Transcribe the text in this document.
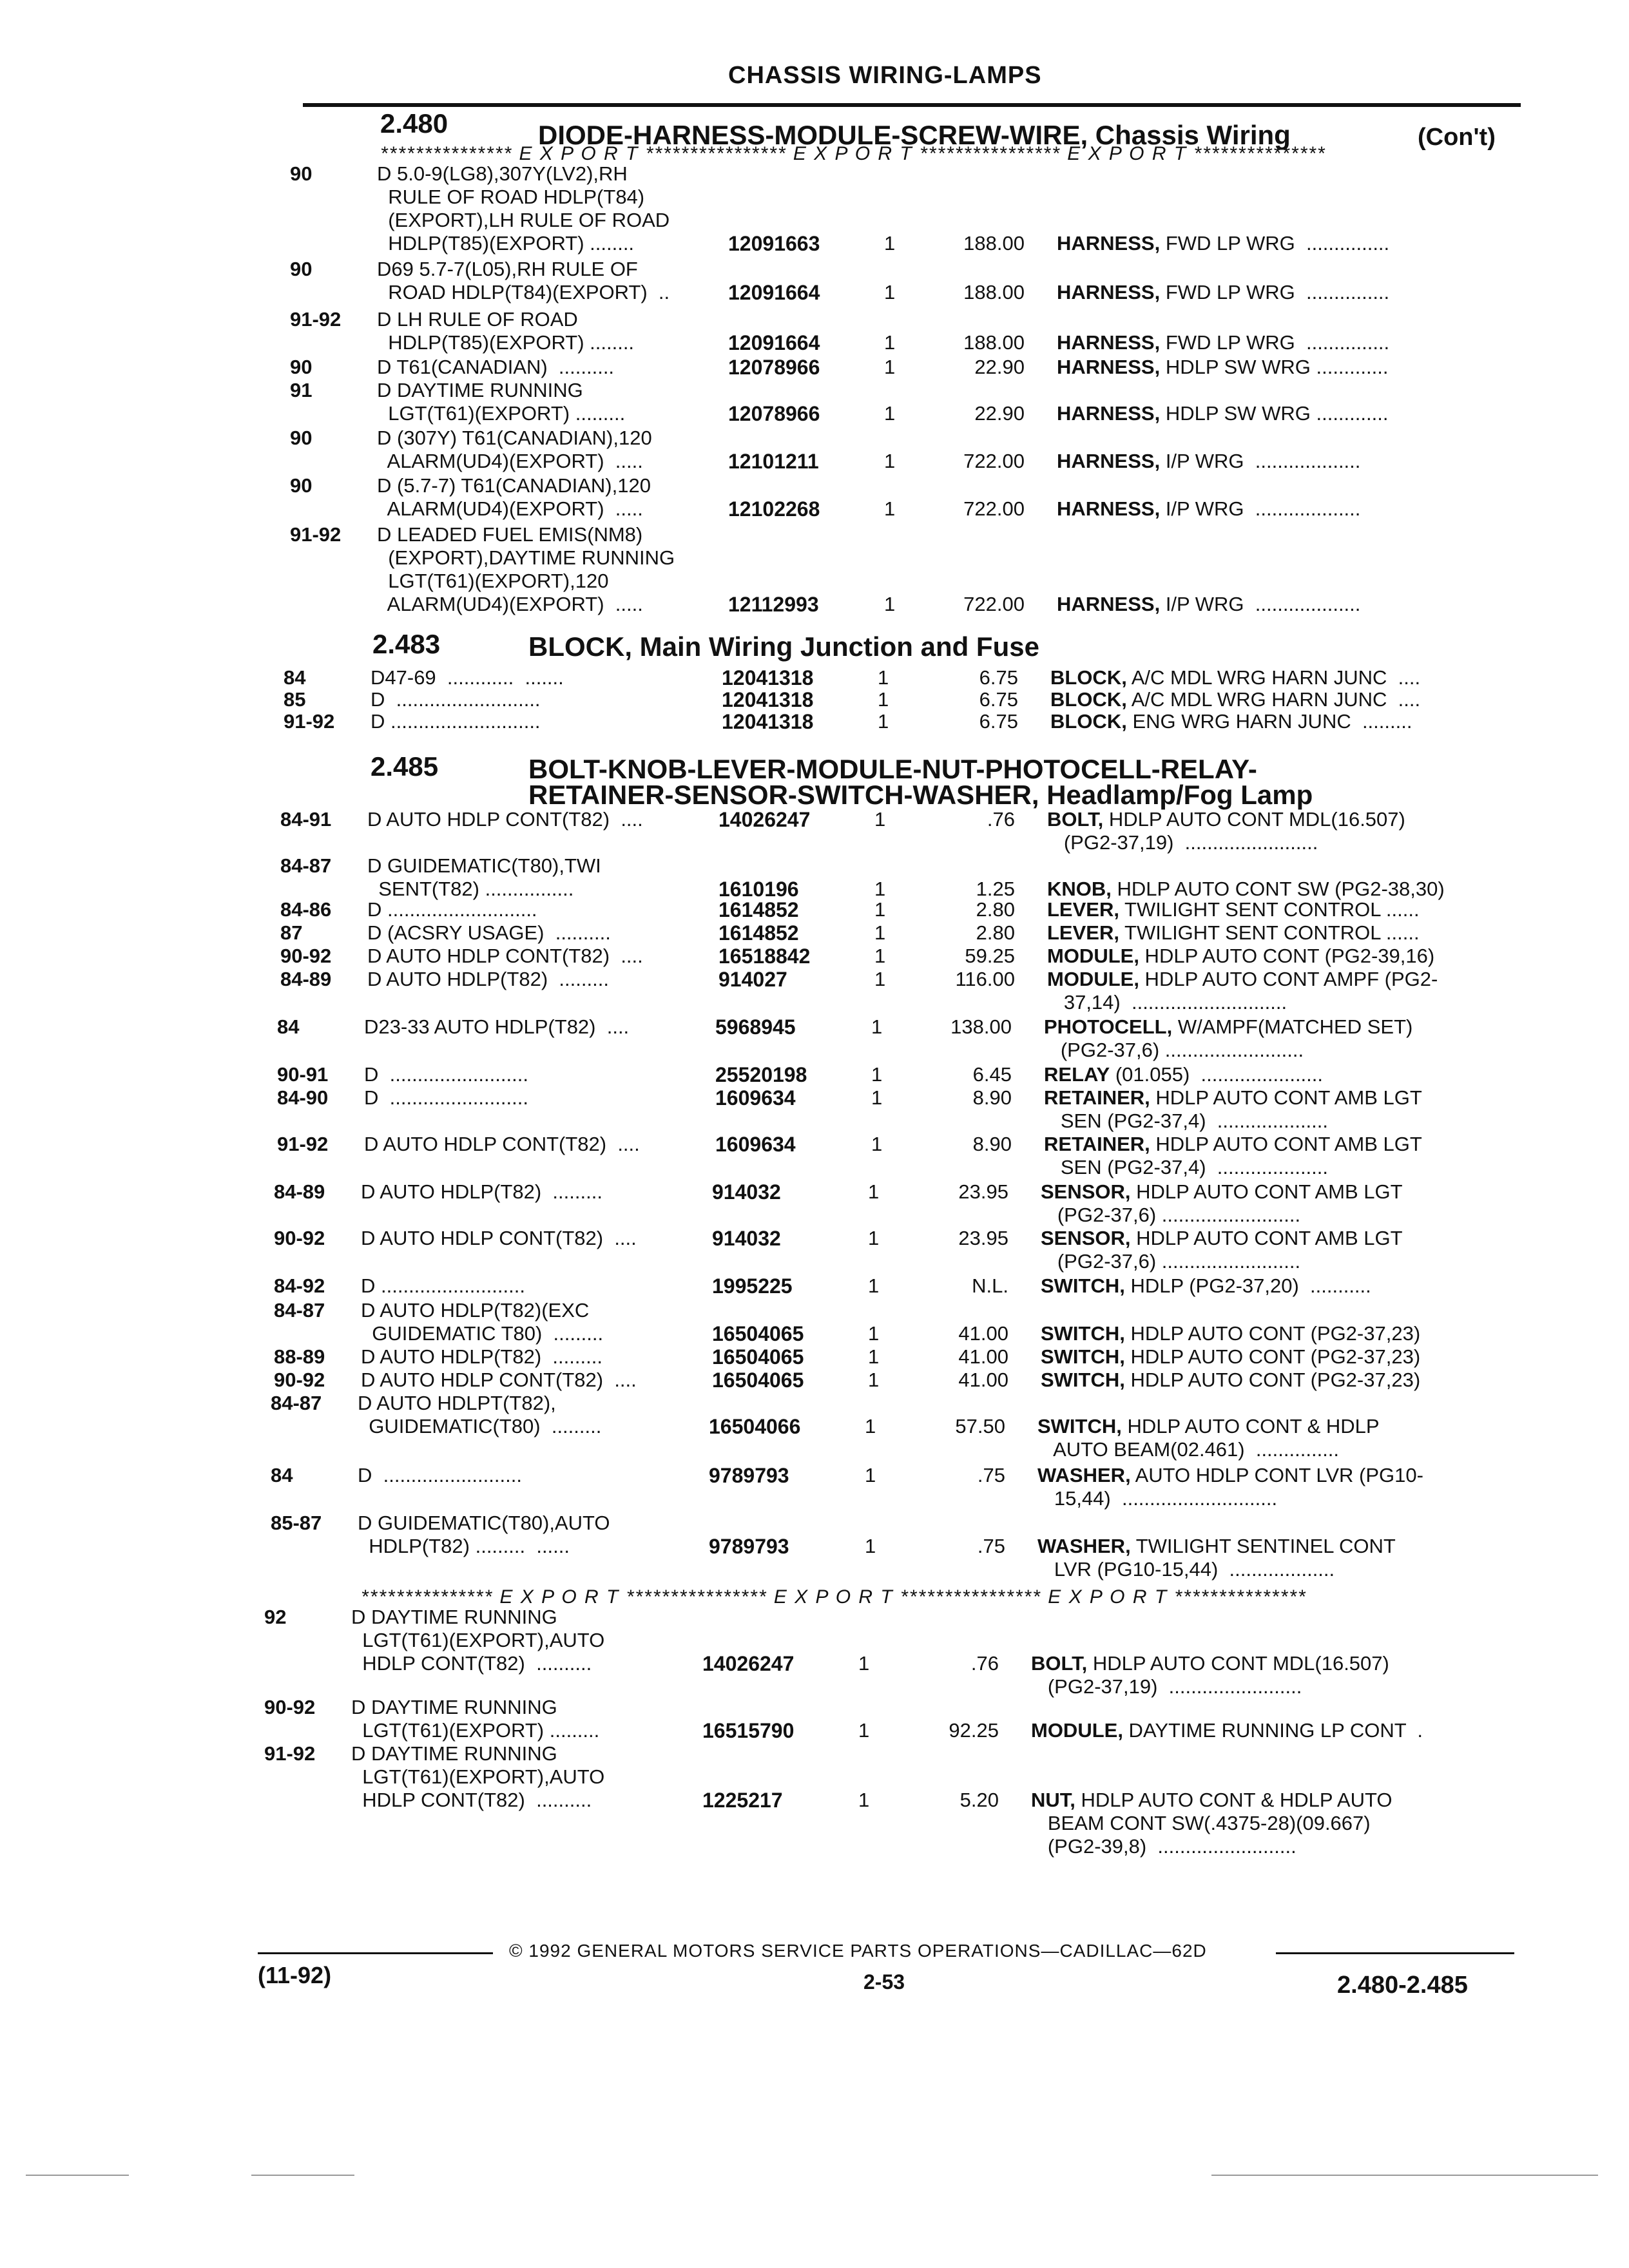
CHASSIS WIRING-LAMPS
2.480	DIODE-HARNESS-MODULE-SCREW-WIRE, Chassis Wiring	(Con't)
*************** E X P O R T **************** E X P O R T **************** E X P O R T ***************
2.483	BLOCK, Main Wiring Junction and Fuse
2.485	BOLT-KNOB-LEVER-MODULE-NUT-PHOTOCELL-RELAY-
RETAINER-SENSOR-SWITCH-WASHER, Headlamp/Fog Lamp
*************** E X P O R T **************** E X P O R T **************** E X P O R T ***************
90	D 5.0-9(LG8),307Y(LV2),RH
RULE OF ROAD HDLP(T84)
(EXPORT),LH RULE OF ROAD
HDLP(T85)(EXPORT) ........	12091663	1	188.00 HARNESS, FWD LP WRG  ...............
90	D69 5.7-7(L05),RH RULE OF
ROAD HDLP(T84)(EXPORT)  ..	12091664	1	188.00 HARNESS, FWD LP WRG  ...............
91-92 D LH RULE OF ROAD
HDLP(T85)(EXPORT) ........	12091664	1	188.00 HARNESS, FWD LP WRG  ...............
90	D T61(CANADIAN)  ..........	12078966	1	22.90 HARNESS, HDLP SW WRG .............
91	D DAYTIME RUNNING
LGT(T61)(EXPORT) .........	12078966	1	22.90 HARNESS, HDLP SW WRG .............
90	D (307Y) T61(CANADIAN),120
ALARM(UD4)(EXPORT)  .....	12101211	1	722.00 HARNESS, I/P WRG  ...................
90	D (5.7-7) T61(CANADIAN),120
ALARM(UD4)(EXPORT)  .....	12102268	1	722.00 HARNESS, I/P WRG  ...................
91-92 D LEADED FUEL EMIS(NM8)
(EXPORT),DAYTIME RUNNING
LGT(T61)(EXPORT),120
ALARM(UD4)(EXPORT)  .....	12112993	1	722.00 HARNESS, I/P WRG  ...................
84	D47-69  ............  .......	12041318	1	6.75 BLOCK, A/C MDL WRG HARN JUNC  ....
85	D  ..........................	12041318	1	6.75 BLOCK, A/C MDL WRG HARN JUNC  ....
91-92 D ...........................	12041318	1	6.75 BLOCK, ENG WRG HARN JUNC  .........
84-91 D AUTO HDLP CONT(T82)  ....	14026247	1	.76 BOLT, HDLP AUTO CONT MDL(16.507)
(PG2-37,19)  ........................
84-87 D GUIDEMATIC(T80),TWI
SENT(T82) ................	1610196	1	1.25 KNOB, HDLP AUTO CONT SW (PG2-38,30)
84-86 D ...........................	1614852	1	2.80 LEVER, TWILIGHT SENT CONTROL ......
87	D (ACSRY USAGE)  ..........	1614852	1	2.80 LEVER, TWILIGHT SENT CONTROL ......
90-92 D AUTO HDLP CONT(T82)  ....	16518842	1	59.25 MODULE, HDLP AUTO CONT (PG2-39,16)
84-89 D AUTO HDLP(T82)  .........	914027	1	116.00 MODULE, HDLP AUTO CONT AMPF (PG2-
37,14)  ............................
84	D23-33 AUTO HDLP(T82)  ....	5968945	1	138.00 PHOTOCELL, W/AMPF(MATCHED SET)
(PG2-37,6) .........................
90-91 D  .........................	25520198	1	6.45 RELAY (01.055)  ......................
84-90 D  .........................	1609634	1	8.90 RETAINER, HDLP AUTO CONT AMB LGT
SEN (PG2-37,4)  ....................
91-92 D AUTO HDLP CONT(T82)  ....	1609634	1	8.90 RETAINER, HDLP AUTO CONT AMB LGT
SEN (PG2-37,4)  ....................
84-89 D AUTO HDLP(T82)  .........	914032	1	23.95 SENSOR, HDLP AUTO CONT AMB LGT
(PG2-37,6) .........................
90-92 D AUTO HDLP CONT(T82)  ....	914032	1	23.95 SENSOR, HDLP AUTO CONT AMB LGT
(PG2-37,6) .........................
84-92 D ..........................	1995225	1	N.L. SWITCH, HDLP (PG2-37,20)  ...........
84-87 D AUTO HDLP(T82)(EXC
GUIDEMATIC T80)  .........	16504065	1	41.00 SWITCH, HDLP AUTO CONT (PG2-37,23)
88-89 D AUTO HDLP(T82)  .........	16504065	1	41.00 SWITCH, HDLP AUTO CONT (PG2-37,23)
90-92 D AUTO HDLP CONT(T82)  ....	16504065	1	41.00 SWITCH, HDLP AUTO CONT (PG2-37,23)
84-87 D AUTO HDLPT(T82),
GUIDEMATIC(T80)  .........	16504066	1	57.50 SWITCH, HDLP AUTO CONT & HDLP
AUTO BEAM(02.461)  ...............
84	D  .........................	9789793	1	.75 WASHER, AUTO HDLP CONT LVR (PG10-
15,44)  ............................
85-87 D GUIDEMATIC(T80),AUTO
HDLP(T82) .........  ......	9789793	1	.75 WASHER, TWILIGHT SENTINEL CONT
LVR (PG10-15,44)  ...................
92	D DAYTIME RUNNING
LGT(T61)(EXPORT),AUTO
HDLP CONT(T82)  ..........	14026247	1	.76 BOLT, HDLP AUTO CONT MDL(16.507)
(PG2-37,19)  ........................
90-92 D DAYTIME RUNNING
LGT(T61)(EXPORT) .........	16515790	1	92.25 MODULE, DAYTIME RUNNING LP CONT  .
91-92 D DAYTIME RUNNING
LGT(T61)(EXPORT),AUTO
HDLP CONT(T82)  ..........	1225217	1	5.20 NUT, HDLP AUTO CONT & HDLP AUTO
BEAM CONT SW(.4375-28)(09.667)
(PG2-39,8)  .........................
© 1992 GENERAL MOTORS SERVICE PARTS OPERATIONS—CADILLAC—62D
(11-92)	2-53	2.480-2.485
